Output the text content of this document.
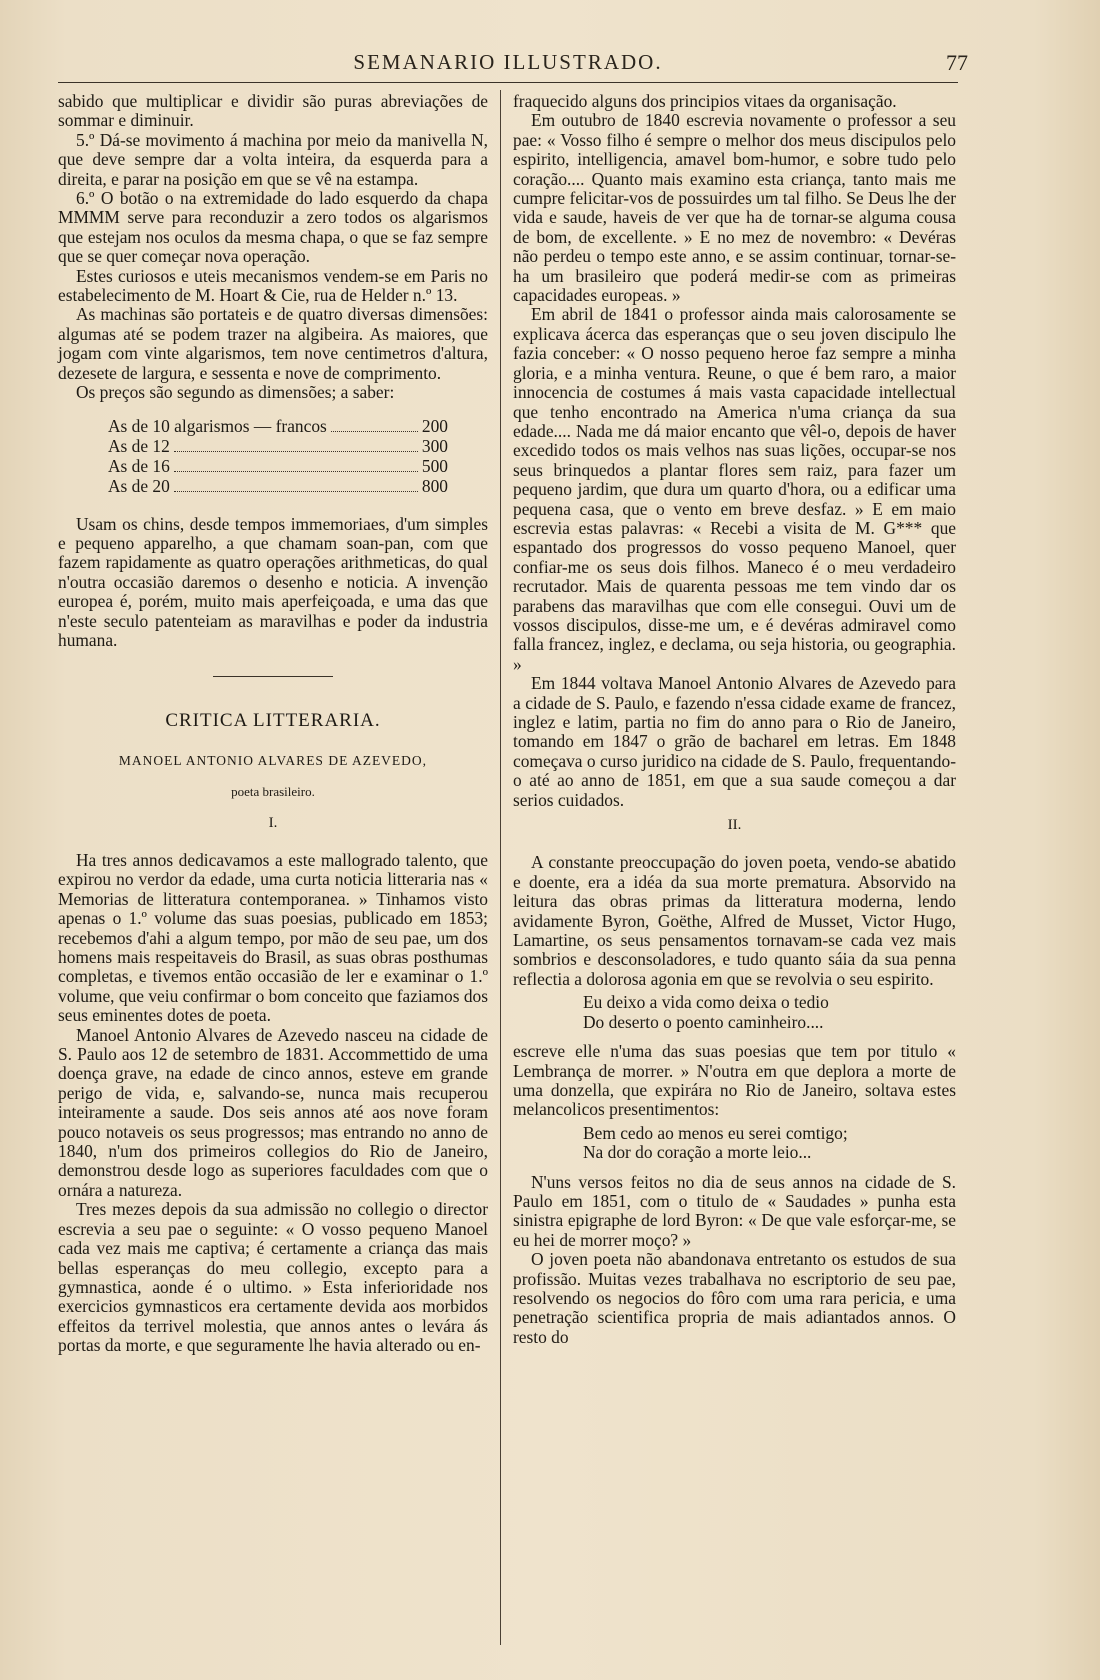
SEMANARIO ILLUSTRADO.	77

sabido que multiplicar e dividir são puras abreviações de sommar e diminuir.

5.º Dá-se movimento á machina por meio da manivella N, que deve sempre dar a volta inteira, da esquerda para a direita, e parar na posição em que se vê na estampa.

6.º O botão o na extremidade do lado esquerdo da chapa MMMM serve para reconduzir a zero todos os algarismos que estejam nos oculos da mesma chapa, o que se faz sempre que se quer começar nova operação.

Estes curiosos e uteis mecanismos vendem-se em Paris no estabelecimento de M. Hoart & Cie, rua de Helder n.º 13.

As machinas são portateis e de quatro diversas dimensões: algumas até se podem trazer na algibeira. As maiores, que jogam com vinte algarismos, tem nove centimetros d'altura, dezesete de largura, e sessenta e nove de comprimento.

Os preços são segundo as dimensões; a saber:

As de 10 algarismos — francos	200
As de 12	300
As de 16	500
As de 20	800

Usam os chins, desde tempos immemoriaes, d'um simples e pequeno apparelho, a que chamam soan-pan, com que fazem rapidamente as quatro operações arithmeticas, do qual n'outra occasião daremos o desenho e noticia. A invenção europea é, porém, muito mais aperfeiçoada, e uma das que n'este seculo patenteiam as maravilhas e poder da industria humana.

CRITICA LITTERARIA.
MANOEL ANTONIO ALVARES DE AZEVEDO,
poeta brasileiro.
I.

Ha tres annos dedicavamos a este mallogrado talento, que expirou no verdor da edade, uma curta noticia litteraria nas « Memorias de litteratura contemporanea. » Tinhamos visto apenas o 1.º volume das suas poesias, publicado em 1853; recebemos d'ahi a algum tempo, por mão de seu pae, um dos homens mais respeitaveis do Brasil, as suas obras posthumas completas, e tivemos então occasião de ler e examinar o 1.º volume, que veiu confirmar o bom conceito que faziamos dos seus eminentes dotes de poeta.

Manoel Antonio Alvares de Azevedo nasceu na cidade de S. Paulo aos 12 de setembro de 1831. Accommettido de uma doença grave, na edade de cinco annos, esteve em grande perigo de vida, e, salvando-se, nunca mais recuperou inteiramente a saude. Dos seis annos até aos nove foram pouco notaveis os seus progressos; mas entrando no anno de 1840, n'um dos primeiros collegios do Rio de Janeiro, demonstrou desde logo as superiores faculdades com que o ornára a natureza.

Tres mezes depois da sua admissão no collegio o director escrevia a seu pae o seguinte: « O vosso pequeno Manoel cada vez mais me captiva; é certamente a criança das mais bellas esperanças do meu collegio, excepto para a gymnastica, aonde é o ultimo. » Esta inferioridade nos exercicios gymnasticos era certamente devida aos morbidos effeitos da terrivel molestia, que annos antes o levára ás portas da morte, e que seguramente lhe havia alterado ou en-

fraquecido alguns dos principios vitaes da organisação.

Em outubro de 1840 escrevia novamente o professor a seu pae: « Vosso filho é sempre o melhor dos meus discipulos pelo espirito, intelligencia, amavel bom-humor, e sobre tudo pelo coração.... Quanto mais examino esta criança, tanto mais me cumpre felicitar-vos de possuirdes um tal filho. Se Deus lhe der vida e saude, haveis de ver que ha de tornar-se alguma cousa de bom, de excellente. » E no mez de novembro: « Devéras não perdeu o tempo este anno, e se assim continuar, tornar-se-ha um brasileiro que poderá medir-se com as primeiras capacidades europeas. »

Em abril de 1841 o professor ainda mais calorosamente se explicava ácerca das esperanças que o seu joven discipulo lhe fazia conceber: « O nosso pequeno heroe faz sempre a minha gloria, e a minha ventura. Reune, o que é bem raro, a maior innocencia de costumes á mais vasta capacidade intellectual que tenho encontrado na America n'uma criança da sua edade.... Nada me dá maior encanto que vêl-o, depois de haver excedido todos os mais velhos nas suas lições, occupar-se nos seus brinquedos a plantar flores sem raiz, para fazer um pequeno jardim, que dura um quarto d'hora, ou a edificar uma pequena casa, que o vento em breve desfaz. » E em maio escrevia estas palavras: « Recebi a visita de M. G*** que espantado dos progressos do vosso pequeno Manoel, quer confiar-me os seus dois filhos. Maneco é o meu verdadeiro recrutador. Mais de quarenta pessoas me tem vindo dar os parabens das maravilhas que com elle consegui. Ouvi um de vossos discipulos, disse-me um, e é devéras admiravel como falla francez, inglez, e declama, ou seja historia, ou geographia. »

Em 1844 voltava Manoel Antonio Alvares de Azevedo para a cidade de S. Paulo, e fazendo n'essa cidade exame de francez, inglez e latim, partia no fim do anno para o Rio de Janeiro, tomando em 1847 o grão de bacharel em letras. Em 1848 começava o curso juridico na cidade de S. Paulo, frequentando-o até ao anno de 1851, em que a sua saude começou a dar serios cuidados.

II.

A constante preoccupação do joven poeta, vendo-se abatido e doente, era a idéa da sua morte prematura. Absorvido na leitura das obras primas da litteratura moderna, lendo avidamente Byron, Goëthe, Alfred de Musset, Victor Hugo, Lamartine, os seus pensamentos tornavam-se cada vez mais sombrios e desconsoladores, e tudo quanto sáia da sua penna reflectia a dolorosa agonia em que se revolvia o seu espirito.

Eu deixo a vida como deixa o tedio
Do deserto o poento caminheiro....

escreve elle n'uma das suas poesias que tem por titulo « Lembrança de morrer. » N'outra em que deplora a morte de uma donzella, que expirára no Rio de Janeiro, soltava estes melancolicos presentimentos:

Bem cedo ao menos eu serei comtigo;
Na dor do coração a morte leio...

N'uns versos feitos no dia de seus annos na cidade de S. Paulo em 1851, com o titulo de « Saudades » punha esta sinistra epigraphe de lord Byron: « De que vale esforçar-me, se eu hei de morrer moço? »

O joven poeta não abandonava entretanto os estudos de sua profissão. Muitas vezes trabalhava no escriptorio de seu pae, resolvendo os negocios do fôro com uma rara pericia, e uma penetração scientifica propria de mais adiantados annos. O resto do
